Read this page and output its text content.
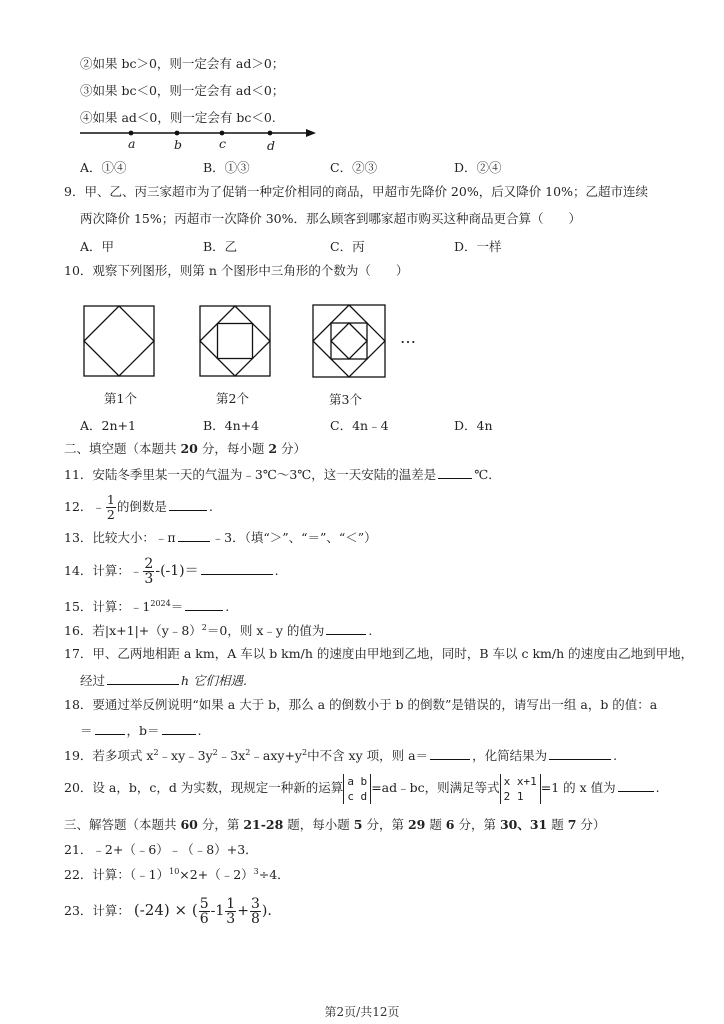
②如果 bc＞0，则一定会有 ad＞0；
③如果 bc＜0，则一定会有 ad＜0；
④如果 ad＜0，则一定会有 bc＜0.
a	b	c	d
A．①④	B．①③	C．②③	D．②④
9．甲、乙、丙三家超市为了促销一种定价相同的商品，甲超市先降价 20%，后又降价 10%；乙超市连续
两次降价 15%；丙超市一次降价 30%．那么顾客到哪家超市购买这种商品更合算（　　）
A．甲	B．乙	C．丙	D．一样
10．观察下列图形，则第 n 个图形中三角形的个数为（　　）
…
第1个	第2个	第3个
A．2n+1	B．4n+4	C．4n﹣4	D．4n
二、填空题（本题共 20 分，每小题 2 分）
11．安陆冬季里某一天的气温为﹣3℃～3℃，这一天安陆的温差是	℃．
12．﹣ $\frac{1}{2}$ 的倒数是	.
13．比较大小：﹣π	﹣3．（填“＞”、“＝”、“＜”）
14．计算：﹣ $\frac{2}{3} -(-1)=$	.
15．计算：$﹣1^{2024}=$	.
16．若|x+1|+（y﹣8）$^2$＝0，则 x﹣y 的值为	.
17．甲、乙两地相距 a km，A 车以 b km/h 的速度由甲地到乙地，同时，B 车以 c km/h 的速度由乙地到甲地，
经过	h 它们相遇.
18．要通过举反例说明“如果 a 大于 b，那么 a 的倒数小于 b 的倒数”是错误的，请写出一组 a，b 的值：a
＝	，b＝	.
19．若多项式 $x^2﹣xy﹣3y^2﹣3x^2﹣axy+y^2$中不含 xy 项，则 a＝	，化简结果为	.
20．设 a，b，c，d 为实数，现规定一种新的运算 a b
c d
=ad﹣bc，则满足等式 x x+1
2 1
=1 的 x 值为	.
三、解答题（本题共 60 分，第 21-28 题，每小题 5 分，第 29 题 6 分，第 30、31 题 7 分）
21．﹣2+（﹣6）﹣（﹣8）+3．
22．计算：（﹣1）$^{10}$×2+（﹣2）$^3$÷4．
23．计算： (-24) × ( $\frac{5}{6} -1 \frac{1}{3} + \frac{3}{8}$ ).
第2页/共12页
